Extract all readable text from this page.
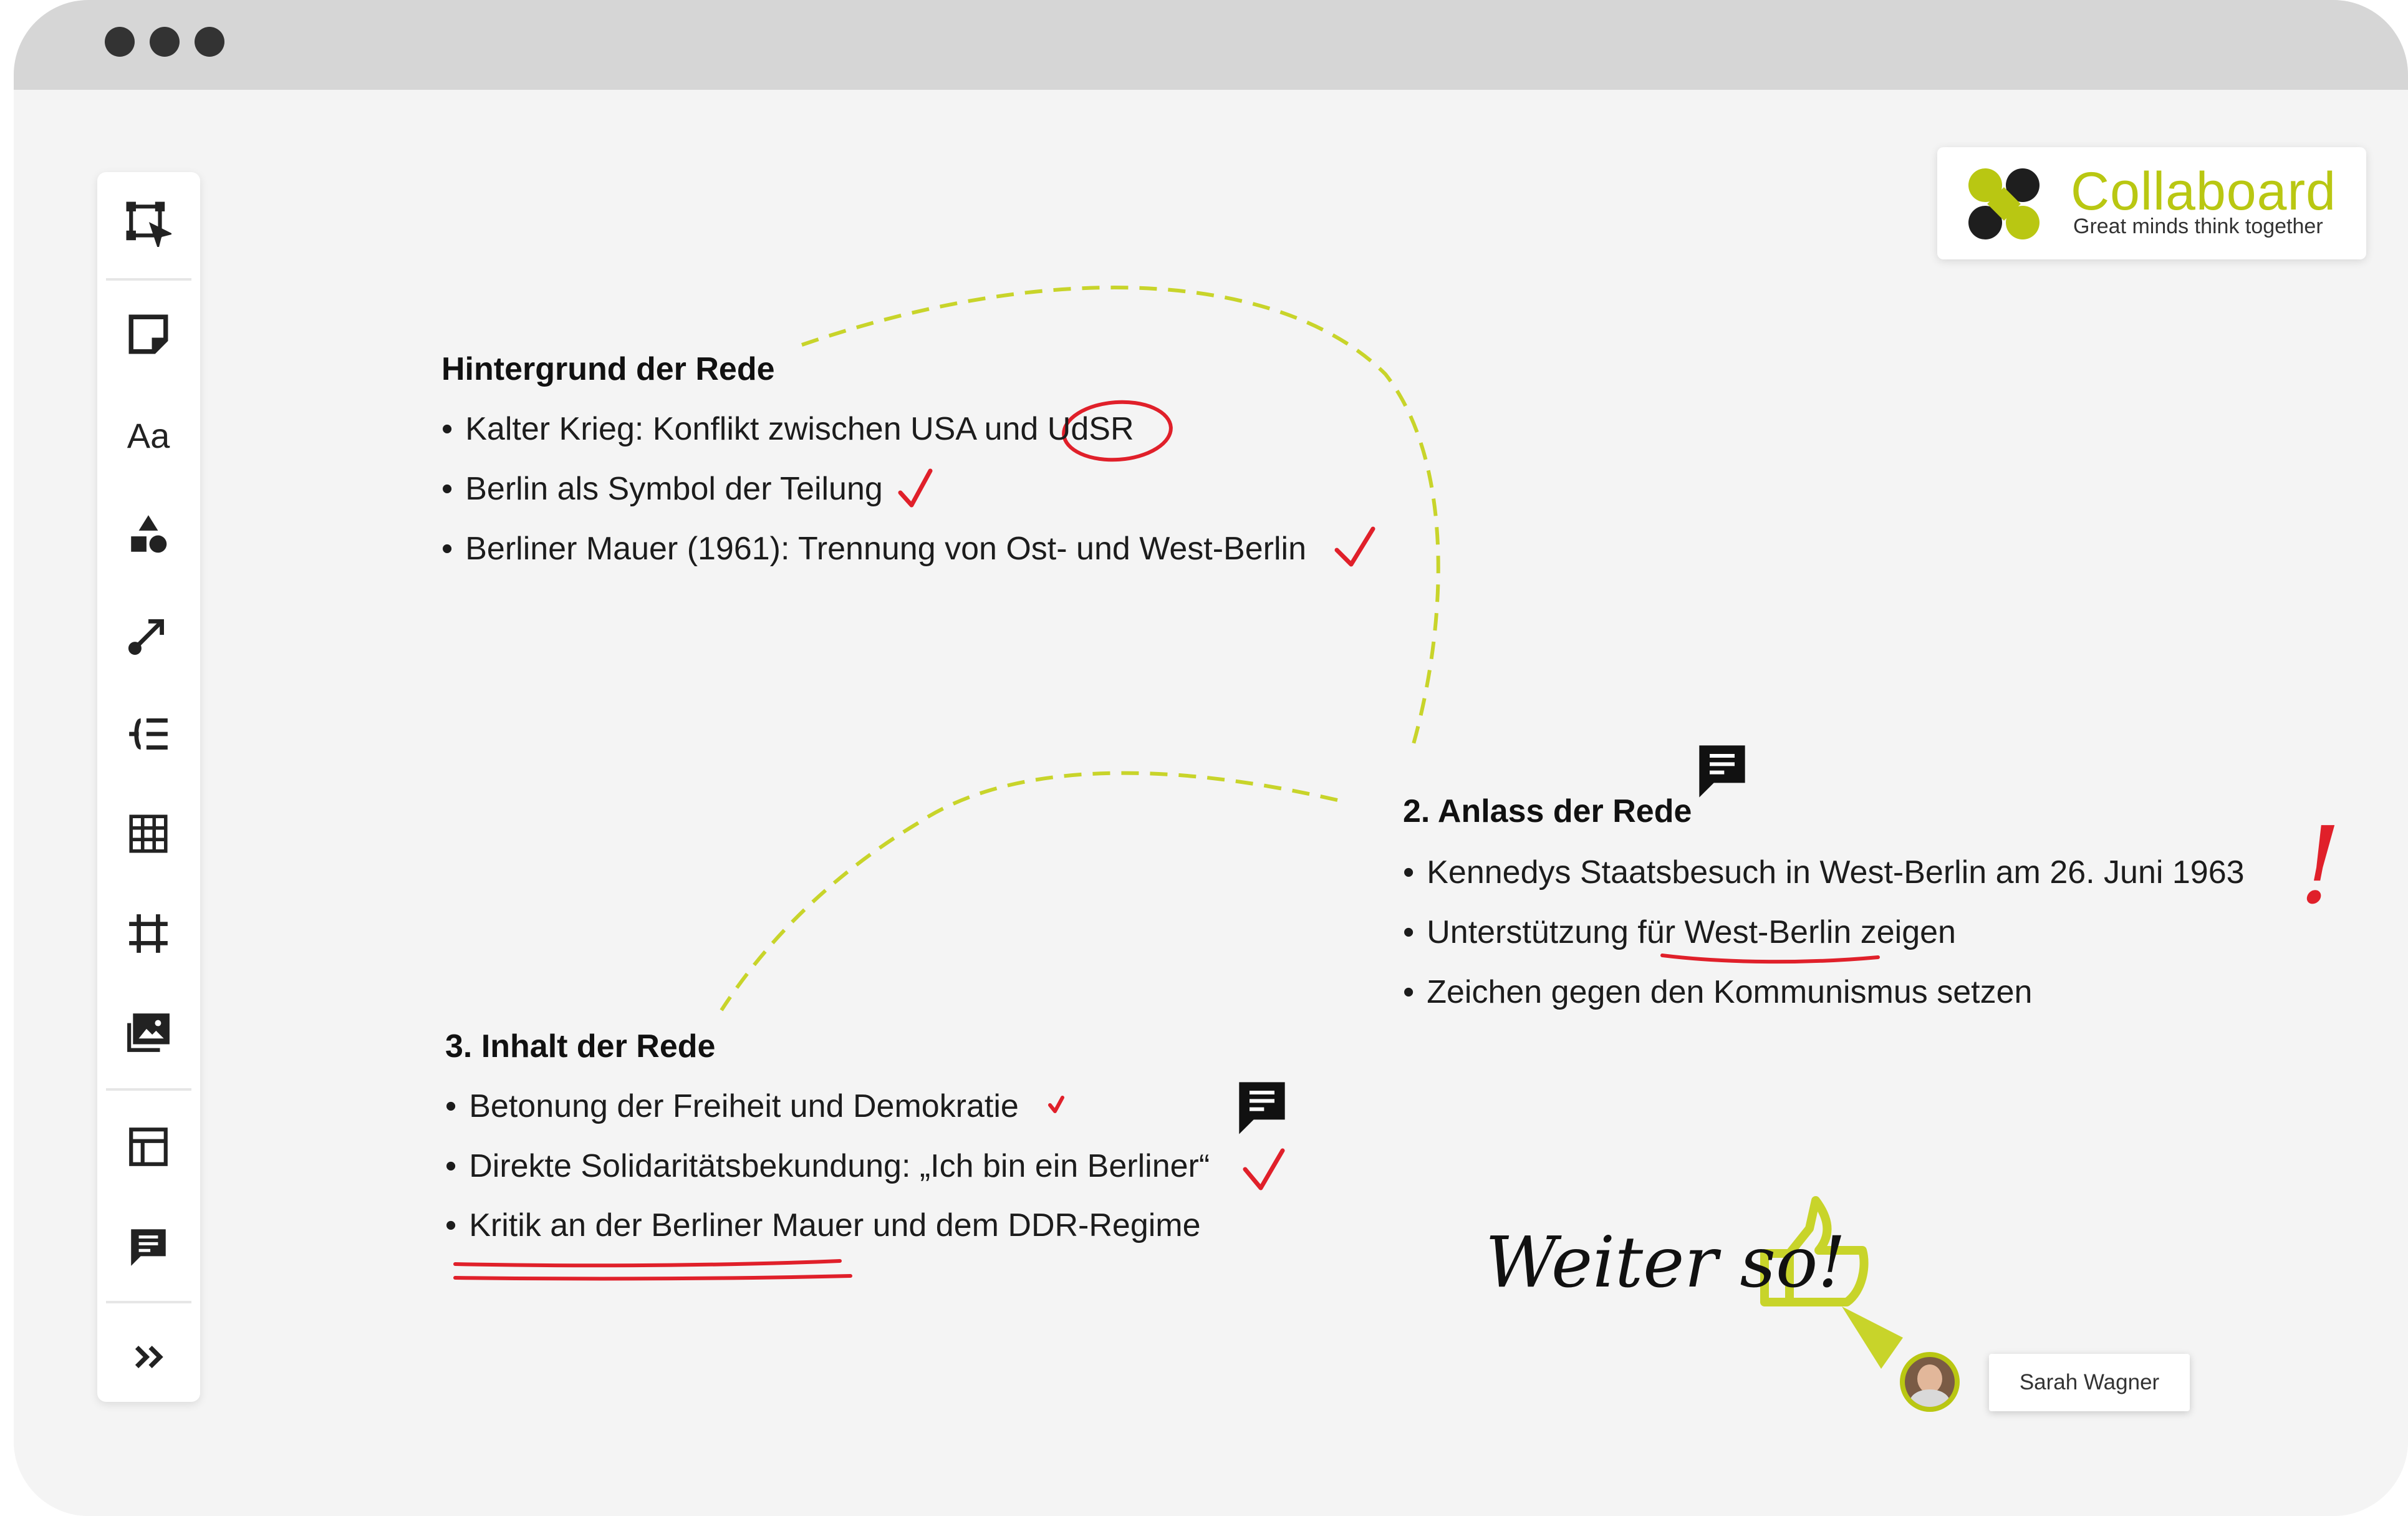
Aa
Collaboard
Great minds think together
Hintergrund der Rede
• Kalter Krieg: Konflikt zwischen USA und UdSR
• Berlin als Symbol der Teilung
• Berliner Mauer (1961): Trennung von Ost- und West-Berlin
2. Anlass der Rede
• Kennedys Staatsbesuch in West-Berlin am 26. Juni 1963
• Unterstützung für West-Berlin zeigen
• Zeichen gegen den Kommunismus setzen
!
3. Inhalt der Rede
• Betonung der Freiheit und Demokratie
• Direkte Solidaritätsbekundung: „Ich bin ein Berliner“
• Kritik an der Berliner Mauer und dem DDR-Regime	Weiter so!
Sarah Wagner
